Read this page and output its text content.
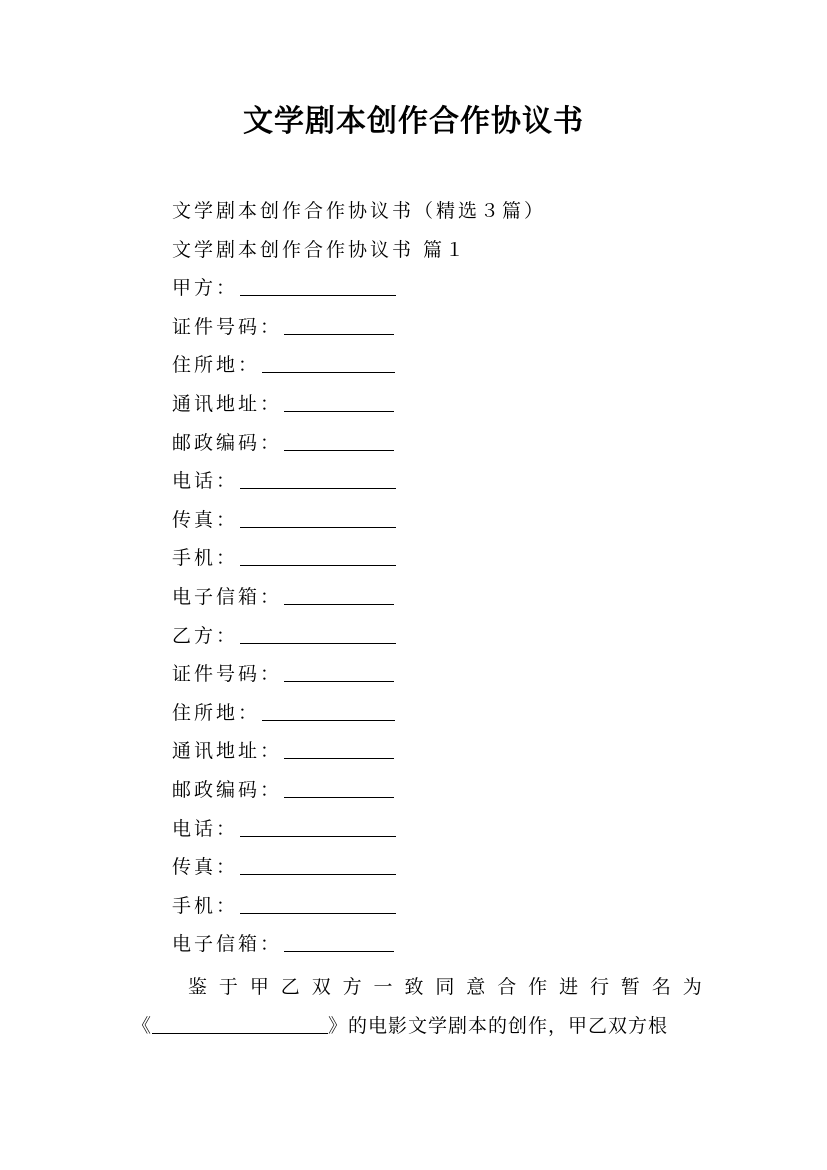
文学剧本创作合作协议书
文学剧本创作合作协议书（精选３篇）
文学剧本创作合作协议书 篇１
甲方：
证件号码：
住所地：
通讯地址：
邮政编码：
电话：
传真：
手机：
电子信箱：
乙方：
证件号码：
住所地：
通讯地址：
邮政编码：
电话：
传真：
手机：
电子信箱：
鉴 于 甲 乙 双 方 一 致 同 意 合 作 进 行 暂 名 为
《	》的电影文学剧本的创作，甲乙双方根
